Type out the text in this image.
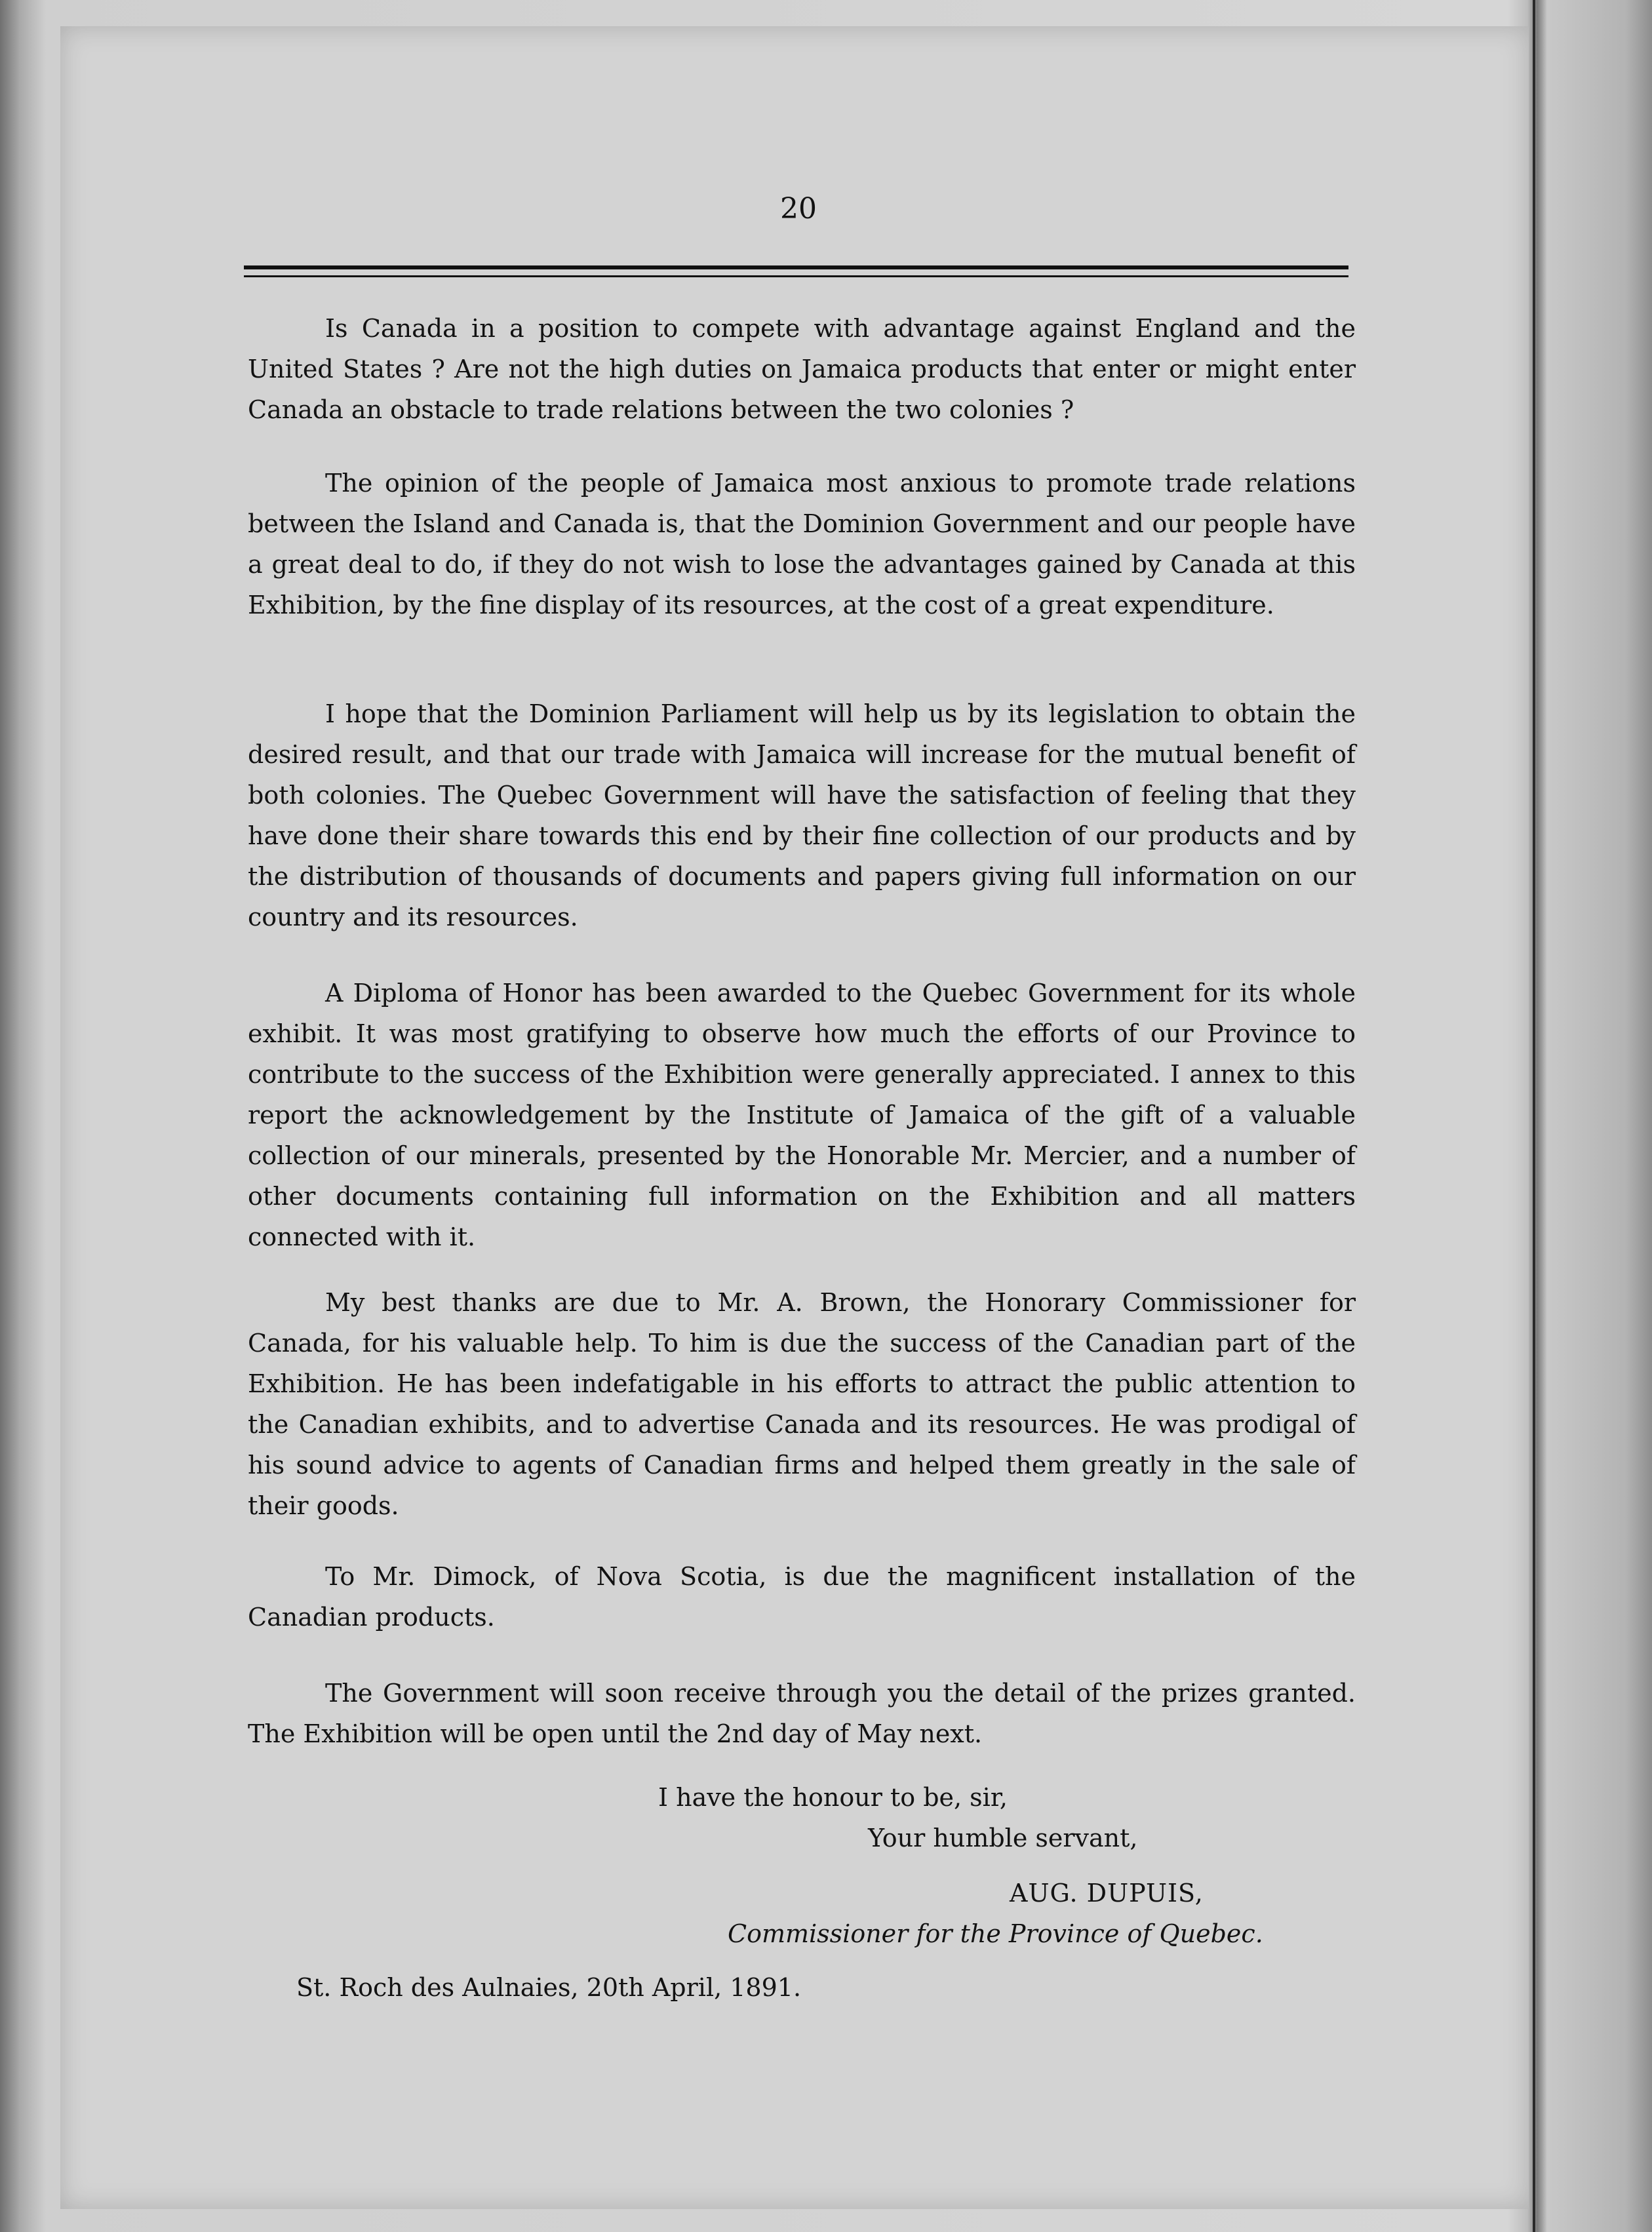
20

Is Canada in a position to compete with advantage against England and the United States ? Are not the high duties on Jamaica products that enter or might enter Canada an obstacle to trade relations between the two colonies ?

The opinion of the people of Jamaica most anxious to promote trade relations between the Island and Canada is, that the Dominion Government and our people have a great deal to do, if they do not wish to lose the advantages gained by Canada at this Exhibition, by the fine display of its resources, at the cost of a great expenditure.

I hope that the Dominion Parliament will help us by its legislation to obtain the desired result, and that our trade with Jamaica will increase for the mutual benefit of both colonies. The Quebec Government will have the satisfaction of feeling that they have done their share towards this end by their fine collection of our products and by the distribution of thousands of documents and papers giving full information on our country and its resources.

A Diploma of Honor has been awarded to the Quebec Government for its whole exhibit. It was most gratifying to observe how much the efforts of our Province to contribute to the success of the Exhibition were generally appreciated. I annex to this report the acknowledgement by the Institute of Jamaica of the gift of a valuable collection of our minerals, presented by the Honorable Mr. Mercier, and a number of other documents containing full information on the Exhibition and all matters connected with it.

My best thanks are due to Mr. A. Brown, the Honorary Commissioner for Canada, for his valuable help. To him is due the success of the Canadian part of the Exhibition. He has been indefatigable in his efforts to attract the public attention to the Canadian exhibits, and to advertise Canada and its resources. He was prodigal of his sound advice to agents of Canadian firms and helped them greatly in the sale of their goods.

To Mr. Dimock, of Nova Scotia, is due the magnificent installation of the Canadian products.

The Government will soon receive through you the detail of the prizes granted. The Exhibition will be open until the 2nd day of May next.

I have the honour to be, sir,
Your humble servant,
AUG. DUPUIS,
Commissioner for the Province of Quebec.
St. Roch des Aulnaies, 20th April, 1891.
